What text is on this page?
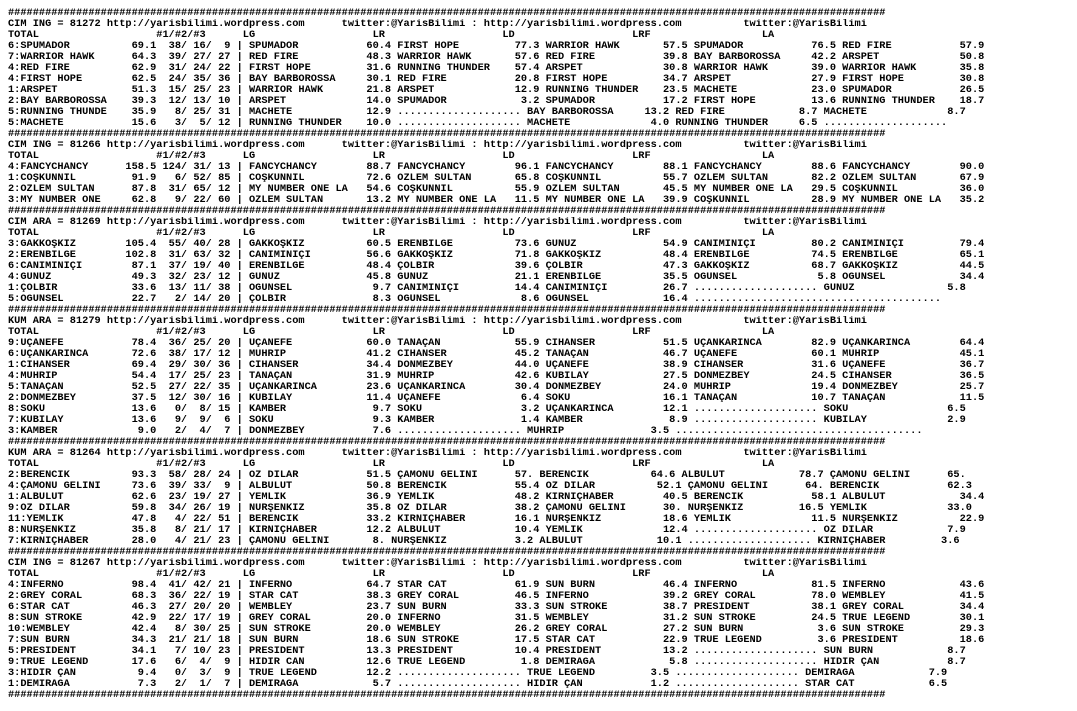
##############################################################################################################################################
CIM ING = 81272 http://yarisbilimi.wordpress.com      twitter:@YarisBilimi : http://yarisbilimi.wordpress.com          twitter:@YarisBilimi
TOTAL                   #1/#2/#3      LG                   LR                   LD                   LRF                  LA
6:SPUMADOR          69.1  38/ 16/  9 | SPUMADOR           60.4 FIRST HOPE         77.3 WARRIOR HAWK       57.5 SPUMADOR           76.5 RED FIRE           57.9
7:WARRIOR HAWK      64.3  39/ 27/ 27 | RED FIRE           48.3 WARRIOR HAWK       57.6 RED FIRE           39.8 BAY BARBOROSSA     42.2 ARSPET             50.8
4:RED FIRE          62.9  31/ 24/ 22 | FIRST HOPE         31.6 RUNNING THUNDER    57.4 ARSPET             30.8 WARRIOR HAWK       39.0 WARRIOR HAWK       35.8
4:FIRST HOPE        62.5  24/ 35/ 36 | BAY BARBOROSSA     30.1 RED FIRE           20.8 FIRST HOPE         34.7 ARSPET             27.9 FIRST HOPE         30.8
1:ARSPET            51.3  15/ 25/ 23 | WARRIOR HAWK       21.8 ARSPET             12.9 RUNNING THUNDER    23.5 MACHETE            23.0 SPUMADOR           26.5
2:BAY BARBOROSSA    39.3  12/ 13/ 10 | ARSPET             14.0 SPUMADOR            3.2 SPUMADOR           17.2 FIRST HOPE         13.6 RUNNING THUNDER    18.7
5:RUNNING THUNDE    35.9   8/ 25/ 31 | MACHETE            12.9 .................... BAY BARBOROSSA     13.2 RED FIRE            8.7 MACHETE             8.7
5:MACHETE           15.6   3/  5/ 12 | RUNNING THUNDER    10.0 .................... MACHETE             4.0 RUNNING THUNDER     6.5 ....................
##############################################################################################################################################
CIM ING = 81266 http://yarisbilimi.wordpress.com      twitter:@YarisBilimi : http://yarisbilimi.wordpress.com          twitter:@YarisBilimi
TOTAL                   #1/#2/#3      LG                   LR                   LD                   LRF                  LA
4:FANCYCHANCY      158.5 124/ 31/ 13 | FANCYCHANCY        88.7 FANCYCHANCY        96.1 FANCYCHANCY        88.1 FANCYCHANCY        88.6 FANCYCHANCY        90.0
1:COŞKUNNİL         91.9   6/ 52/ 85 | COŞKUNNİL          72.6 ÖZLEM SULTAN       65.8 COŞKUNNİL          55.7 ÖZLEM SULTAN       82.2 ÖZLEM SULTAN       67.9
2:ÖZLEM SULTAN      87.8  31/ 65/ 12 | MY NUMBER ONE LA   54.6 COŞKUNNİL          55.9 ÖZLEM SULTAN       45.5 MY NUMBER ONE LA   29.5 COŞKUNNİL          36.0
3:MY NUMBER ONE     62.8   9/ 22/ 60 | ÖZLEM SULTAN       13.2 MY NUMBER ONE LA   11.5 MY NUMBER ONE LA   39.9 COŞKUNNİL          28.9 MY NUMBER ONE LA   35.2
##############################################################################################################################################
CIM ARA = 81269 http://yarisbilimi.wordpress.com      twitter:@YarisBilimi : http://yarisbilimi.wordpress.com          twitter:@YarisBilimi
TOTAL                   #1/#2/#3      LG                   LR                   LD                   LRF                  LA
3:GAKKOŞKIZ        105.4  55/ 40/ 28 | GAKKOŞKIZ          60.5 ERENBİLGE          73.6 GÜNÜZ              54.9 CANIMINİÇİ         80.2 CANIMINİÇİ         79.4
2:ERENBİLGE        102.8  31/ 63/ 32 | CANIMINİÇİ         56.6 GAKKOŞKIZ          71.8 GAKKOŞKIZ          48.4 ERENBİLGE          74.5 ERENBİLGE          65.1
6:CANIMINİÇİ        87.1  37/ 19/ 40 | ERENBİLGE          48.4 ÇOLBİR             39.6 ÇOLBİR             47.3 GAKKOŞKIZ          68.7 GAKKOŞKIZ          44.5
4:GÜNÜZ             49.3  32/ 23/ 12 | GÜNÜZ              45.8 GÜNÜZ              21.1 ERENBİLGE          35.5 ÖĞÜNSEL             5.8 ÖĞÜNSEL            34.4
1:ÇOLBİR            33.6  13/ 11/ 38 | ÖĞÜNSEL             9.7 CANIMINİÇİ         14.4 CANIMINİÇİ         26.7 .................... GÜNÜZ               5.8
5:ÖĞÜNSEL           22.7   2/ 14/ 20 | ÇOLBİR              8.3 ÖĞÜNSEL             8.6 ÖĞÜNSEL            16.4 ........................................
##############################################################################################################################################
KUM ARA = 81279 http://yarisbilimi.wordpress.com      twitter:@YarisBilimi : http://yarisbilimi.wordpress.com          twitter:@YarisBilimi
TOTAL                   #1/#2/#3      LG                   LR                   LD                   LRF                  LA
9:UÇANEFE           78.4  36/ 25/ 20 | UÇANEFE            60.0 TANAÇAN            55.9 CİHANSER           51.5 UÇANKARINCA        82.9 UÇANKARINCA        64.4
6:UÇANKARINCA       72.6  38/ 17/ 12 | MÜHRİP             41.2 CİHANSER           45.2 TANAÇAN            46.7 UÇANEFE            60.1 MÜHRİP             45.1
1:CİHANSER          69.4  29/ 30/ 36 | CİHANSER           34.4 DÖNMEZBEY          44.0 UÇANEFE            38.9 CİHANSER           31.6 UÇANEFE            36.7
4:MÜHRİP            54.4  17/ 25/ 23 | TANAÇAN            31.9 MÜHRİP             42.6 KÜBİLAY            27.5 DÖNMEZBEY          24.5 CİHANSER           36.5
5:TANAÇAN           52.5  27/ 22/ 35 | UÇANKARINCA        23.6 UÇANKARINCA        30.4 DÖNMEZBEY          24.0 MÜHRİP             19.4 DÖNMEZBEY          25.7
2:DÖNMEZBEY         37.5  12/ 30/ 16 | KÜBİLAY            11.4 UÇANEFE             6.4 SOKU               16.1 TANAÇAN            10.7 TANAÇAN            11.5
8:SOKU              13.6   0/  8/ 15 | KAMBER              9.7 SOKU                3.2 UÇANKARINCA        12.1 .................... SOKU                6.5
7:KÜBİLAY           13.6   9/  9/  6 | SOKU                9.3 KAMBER              1.4 KAMBER              8.9 .................... KÜBİLAY             2.9
3:KAMBER             9.0   2/  4/  7 | DÖNMEZBEY           7.6 .................... MÜHRİP              3.5 ........................................
##############################################################################################################################################
KUM ARA = 81264 http://yarisbilimi.wordpress.com      twitter:@YarisBilimi : http://yarisbilimi.wordpress.com          twitter:@YarisBilimi
TOTAL                   #1/#2/#3      LG                   LR                   LD                   LRF                  LA
2:BERENCİK          93.3  58/ 28/ 24 | ÖZ DİLAR           51.5 ÇAMONÜ GELİNİ      57. BERENCİK          64.6 ALBULUT            78.7 ÇAMONÜ GELİNİ      65.
4:ÇAMONÜ GELİNİ     73.6  39/ 33/  9 | ALBULUT            50.8 BERENCİK           55.4 ÖZ DİLAR          52.1 ÇAMONÜ GELİNİ      64. BERENCİK           62.3
1:ALBULUT           62.6  23/ 19/ 27 | YEMLİK             36.9 YEMLİK             48.2 KIRNIÇHABER        40.5 BERENCİK           58.1 ALBULUT            34.4
9:ÖZ DİLAR          59.8  34/ 26/ 19 | NURŞENKIZ          35.8 ÖZ DİLAR           38.2 ÇAMONÜ GELİNİ      30. NURŞENKIZ         16.5 YEMLİK             33.0
11:YEMLİK           47.8   4/ 22/ 51 | BERENCİK           33.2 KIRNIÇHABER        16.1 NURŞENKIZ          18.6 YEMLİK             11.5 NURŞENKIZ          22.9
8:NURŞENKIZ         35.8   8/ 21/ 17 | KIRNIÇHABER        12.2 ALBULUT            10.4 YEMLİK             12.4 .................... ÖZ DİLAR            7.9
7:KIRNIÇHABER       28.0   4/ 21/ 23 | ÇAMONÜ GELİNİ       8. NURŞENKIZ           3.2 ALBULUT            10.1 .................... KIRNIÇHABER         3.6
##############################################################################################################################################
CIM ING = 81267 http://yarisbilimi.wordpress.com      twitter:@YarisBilimi : http://yarisbilimi.wordpress.com          twitter:@YarisBilimi
TOTAL                   #1/#2/#3      LG                   LR                   LD                   LRF                  LA
4:INFERNO           98.4  41/ 42/ 21 | INFERNO            64.7 STAR CAT           61.9 SUN BURN           46.4 INFERNO            81.5 INFERNO            43.6
2:GREY CORAL        68.3  36/ 22/ 19 | STAR CAT           38.3 GREY CORAL         46.5 INFERNO            39.2 GREY CORAL         78.0 WEMBLEY            41.5
6:STAR CAT          46.3  27/ 20/ 20 | WEMBLEY            23.7 SUN BURN           33.3 SUN STROKE         38.7 PRESIDENT          38.1 GREY CORAL         34.4
8:SUN STROKE        42.9  22/ 17/ 19 | GREY CORAL         20.0 INFERNO            31.5 WEMBLEY            31.2 SUN STROKE         24.5 TRUE LEGEND        30.1
10:WEMBLEY          42.4   8/ 30/ 25 | SUN STROKE         20.0 WEMBLEY            26.2 GREY CORAL         27.2 SUN BURN            3.6 SUN STROKE         29.3
7:SUN BURN          34.3  21/ 21/ 18 | SUN BURN           18.6 SUN STROKE         17.5 STAR CAT           22.9 TRUE LEGEND         3.6 PRESIDENT          18.6
5:PRESIDENT         34.1   7/ 10/ 23 | PRESIDENT          13.3 PRESIDENT          10.4 PRESIDENT          13.2 .................... SUN BURN            8.7
9:TRUE LEGEND       17.6   6/  4/  9 | HIDIR CAN          12.6 TRUE LEGEND         1.8 DEMİRAĞA            5.8 .................... HIDIR ÇAN           8.7
3:HIDIR ÇAN          9.4   0/  3/  9 | TRUE LEGEND        12.2 .................... TRUE LEGEND         3.5 .................... DEMİRAĞA            7.9
1:DEMİRAĞA           7.3   2/  1/  7 | DEMİRAĞA            5.7 .................... HIDIR ÇAN           1.2 .................... STAR CAT            6.5
##############################################################################################################################################
